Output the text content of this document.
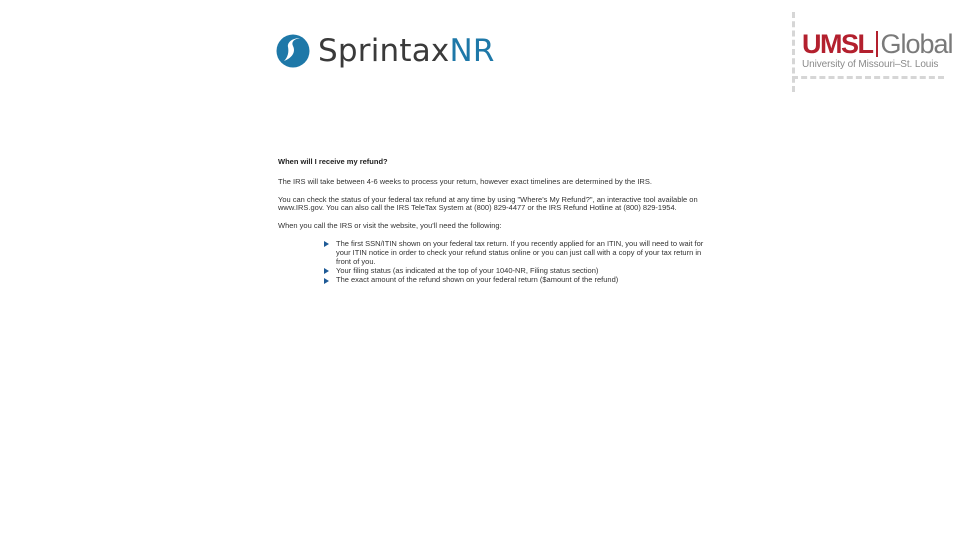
SprintaxNR	UMSL Global
University of Missouri–St. Louis

When will I receive my refund?

The IRS will take between 4-6 weeks to process your return, however exact timelines are determined by the IRS.

You can check the status of your federal tax refund at any time by using "Where's My Refund?", an interactive tool available on www.IRS.gov. You can also call the IRS TeleTax System at (800) 829-4477 or the IRS Refund Hotline at (800) 829-1954.

When you call the IRS or visit the website, you'll need the following:

The first SSN/ITIN shown on your federal tax return. If you recently applied for an ITIN, you will need to wait for your ITIN notice in order to check your refund status online or you can just call with a copy of your tax return in front of you.
Your filing status (as indicated at the top of your 1040-NR, Filing status section)
The exact amount of the refund shown on your federal return ($amount of the refund)
